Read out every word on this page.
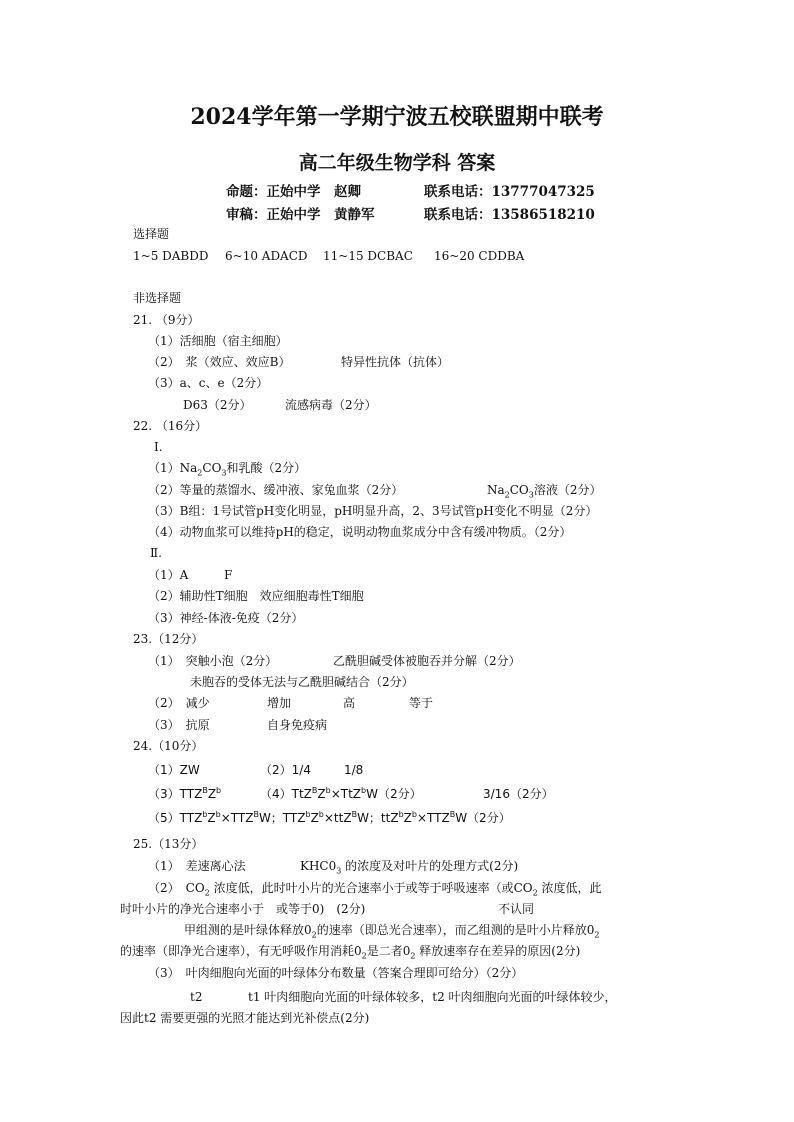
2024学年第一学期宁波五校联盟期中联考
高二年级生物学科 答案
命题：正始中学　赵卿	联系电话：13777047325
审稿：正始中学　黄静军	联系电话：13586518210
选择题
1~5 DABDD 6~10 ADACD 11~15 DCBAC 16~20 CDDBA
非选择题
21. （9分）
（1）活细胞（宿主细胞）
（2）　浆（效应、效应B）	特异性抗体（抗体）
（3）a、c、e（2分）
D63（2分）	流感病毒（2分）
22. （16分）
Ⅰ.
$(1)Na_2CO_3$和乳酸（2分）
（2）等量的蒸馏水、缓冲液、家兔血浆（2分）	$Na_2CO_3$溶液（2分）
（3）B组：1号试管pH变化明显，pH明显升高，2、3号试管pH变化不明显（2分）
（4）动物血浆可以维持pH的稳定，说明动物血浆成分中含有缓冲物质。（2分）
Ⅱ.
（1）A	F
（2）辅助性T细胞　效应细胞毒性T细胞
（3）神经-体液-免疫（2分）
23.（12分）
（1）　突触小泡（2分）	乙酰胆碱受体被胞吞并分解（2分）
未胞吞的受体无法与乙酰胆碱结合（2分）
（2）　减少	增加	高	等于
（3）　抗原	自身免疫病
24.（10分）
（1）ZW	（2）1/4	1/8
$(3)TTZ^BZ^b$	$(4)TtZ^BZ^b\times TtZ^bW(2$分）	3/16（2分）
$(5)TTZ^bZ^b\times TTZ^BW$；$TTZ^bZ^b\times ttZ^BW$；$ttZ^bZ^b\times TTZ^BW(2$分）
25.（13分）
（1）　差速离心法	$KHC0_3$ 的浓度及对叶片的处理方式(2分)
（2）　$CO_2$ 浓度低，此时叶小片的光合速率小于或等于呼吸速率（或$CO_2$ 浓度低，此
时叶小片的净光合速率小于　或等于0)　(2分)	不认同
甲组测的是叶绿体释放$0_2$的速率（即总光合速率），而乙组测的是叶小片释放$0_2$
的速率（即净光合速率），有无呼吸作用消耗$0_2$是二者$0_2$ 释放速率存在差异的原因(2分)
（3）　叶肉细胞向光面的叶绿体分布数量（答案合理即可给分）（2分）
t2	t1 叶肉细胞向光面的叶绿体较多，t2 叶肉细胞向光面的叶绿体较少，
因此t2 需要更强的光照才能达到光补偿点(2分)
